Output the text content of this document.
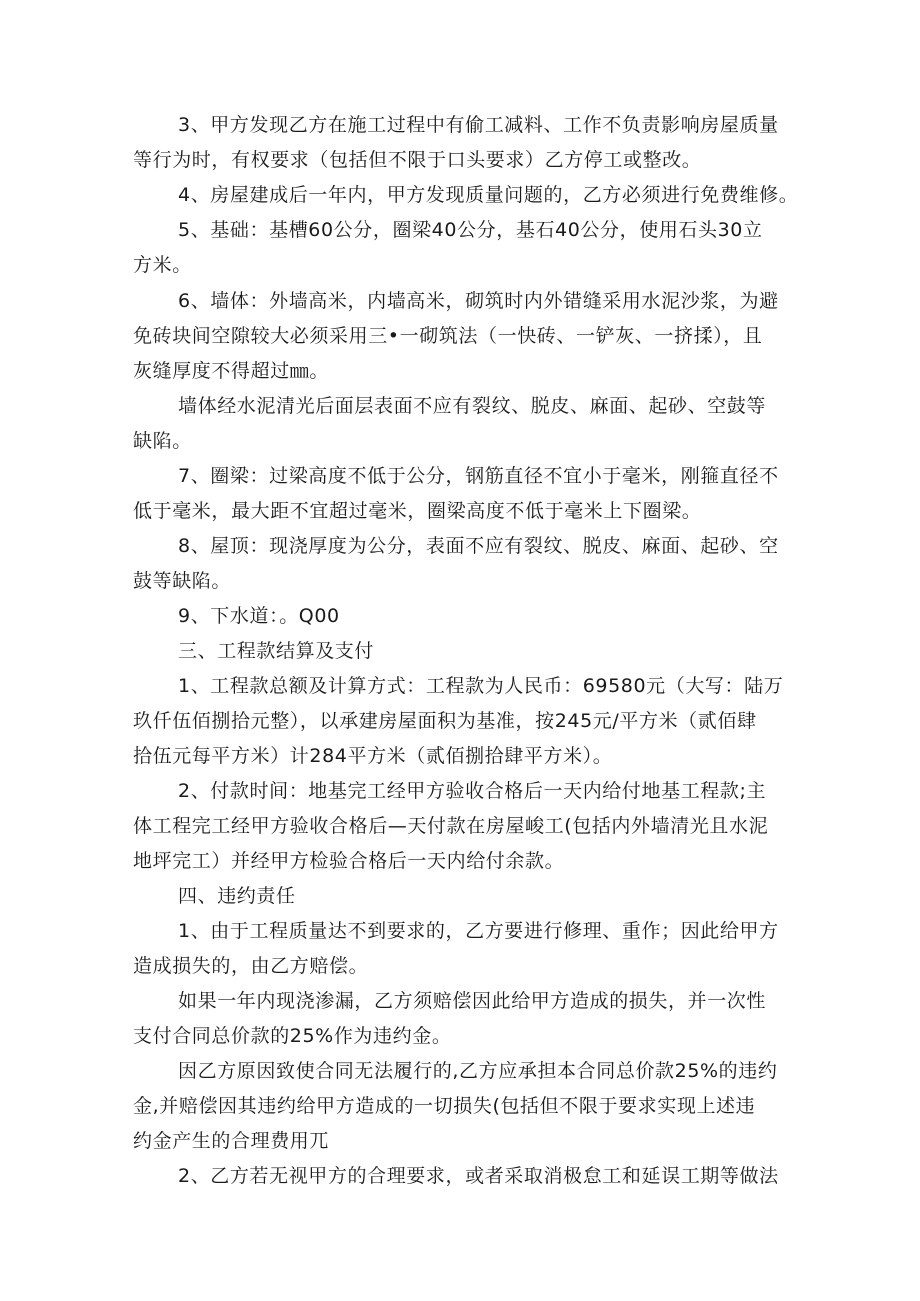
3、甲方发现乙方在施工过程中有偷工减料、工作不负责影响房屋质量
等行为时，有权要求（包括但不限于口头要求）乙方停工或整改。
4、房屋建成后一年内，甲方发现质量问题的，乙方必须进行免费维修。
5、基础：基槽60公分，圈梁40公分，基石40公分，使用石头30立
方米。
6、墙体：外墙高米，内墙高米，砌筑时内外错缝采用水泥沙浆，为避
免砖块间空隙较大必须采用三•一砌筑法（一快砖、一铲灰、一挤揉），且
灰缝厚度不得超过㎜。
墙体经水泥清光后面层表面不应有裂纹、脱皮、麻面、起砂、空鼓等
缺陷。
7、圈梁：过梁高度不低于公分，钢筋直径不宜小于毫米，刚箍直径不
低于毫米，最大距不宜超过毫米，圈梁高度不低于毫米上下圈梁。
8、屋顶：现浇厚度为公分，表面不应有裂纹、脱皮、麻面、起砂、空
鼓等缺陷。
9、下水道：。Q00
三、工程款结算及支付
1、工程款总额及计算方式：工程款为人民币：69580元（大写：陆万
玖仟伍佰捌拾元整），以承建房屋面积为基准，按245元/平方米（贰佰肆
拾伍元每平方米）计284平方米（贰佰捌拾肆平方米）。
2、付款时间：地基完工经甲方验收合格后一天内给付地基工程款;主
体工程完工经甲方验收合格后—天付款在房屋峻工(包括内外墙清光且水泥
地坪完工）并经甲方检验合格后一天内给付余款。
四、违约责任
1、由于工程质量达不到要求的，乙方要进行修理、重作；因此给甲方
造成损失的，由乙方赔偿。
如果一年内现浇渗漏，乙方须赔偿因此给甲方造成的损失，并一次性
支付合同总价款的25%作为违约金。
因乙方原因致使合同无法履行的,乙方应承担本合同总价款25%的违约
金,并赔偿因其违约给甲方造成的一切损失(包括但不限于要求实现上述违
约金产生的合理费用兀
2、乙方若无视甲方的合理要求，或者采取消极怠工和延误工期等做法
